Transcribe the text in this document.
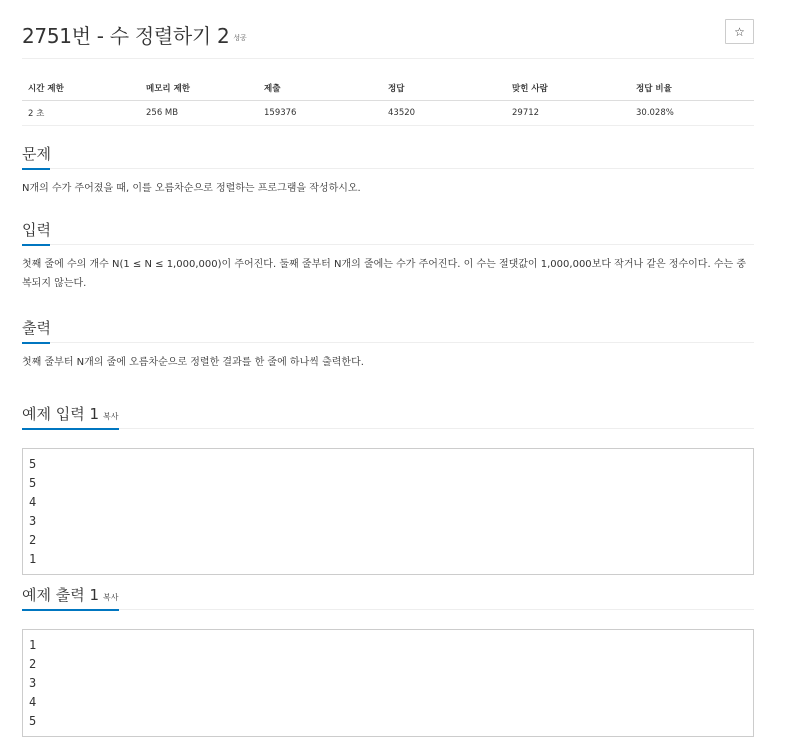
2751번 - 수 정렬하기 2 성공	☆
시간 제한	메모리 제한	제출	정답	맞힌 사람	정답 비율
2 초	256 MB	159376	43520	29712	30.028%
문제
N개의 수가 주어졌을 때, 이를 오름차순으로 정렬하는 프로그램을 작성하시오.
입력
첫째 줄에 수의 개수 N(1 ≤ N ≤ 1,000,000)이 주어진다. 둘째 줄부터 N개의 줄에는 수가 주어진다. 이 수는 절댓값이 1,000,000보다 작거나 같은 정수이다. 수는 중복되지 않는다.
출력
첫째 줄부터 N개의 줄에 오름차순으로 정렬한 결과를 한 줄에 하나씩 출력한다.
예제 입력 1 복사
5
5
4
3
2
1
예제 출력 1 복사
1
2
3
4
5
